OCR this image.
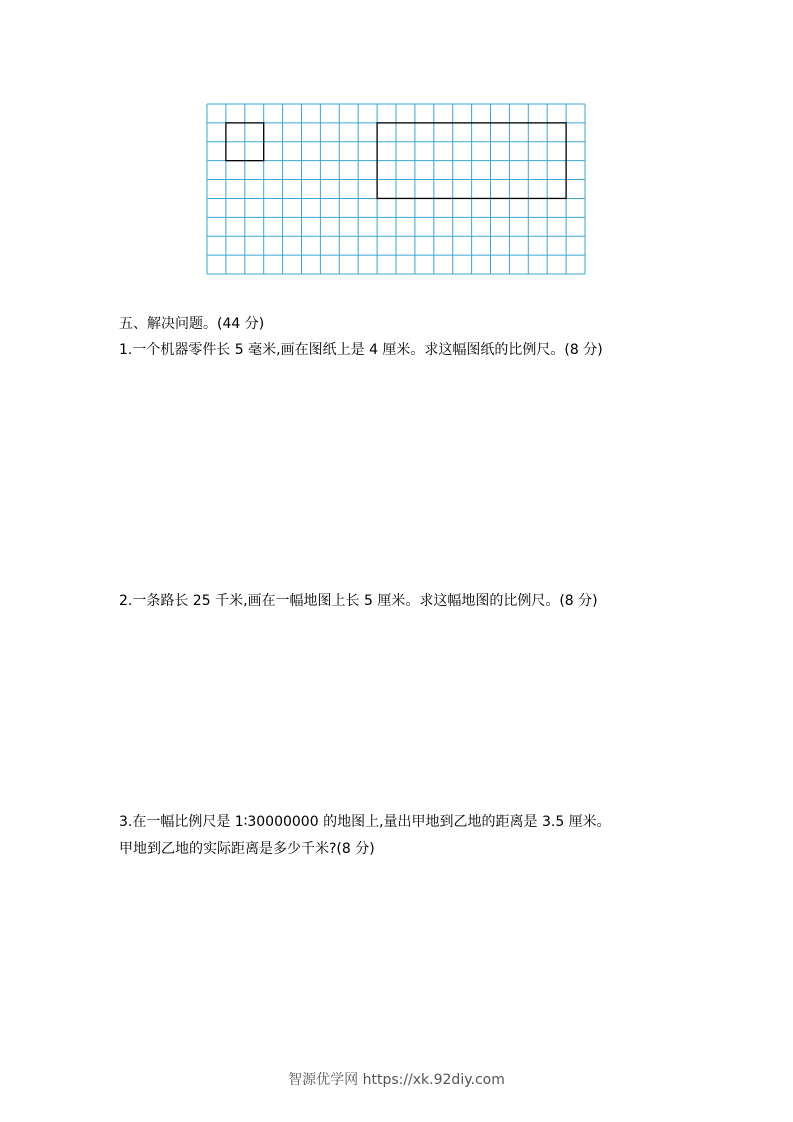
五、解决问题。(44 分)
1.一个机器零件长 5 毫米,画在图纸上是 4 厘米。求这幅图纸的比例尺。(8 分)
2.一条路长 25 千米,画在一幅地图上长 5 厘米。求这幅地图的比例尺。(8 分)
3.在一幅比例尺是 1∶30000000 的地图上,量出甲地到乙地的距离是 3.5 厘米。
甲地到乙地的实际距离是多少千米?(8 分)
智源优学网 https://xk.92diy.com
